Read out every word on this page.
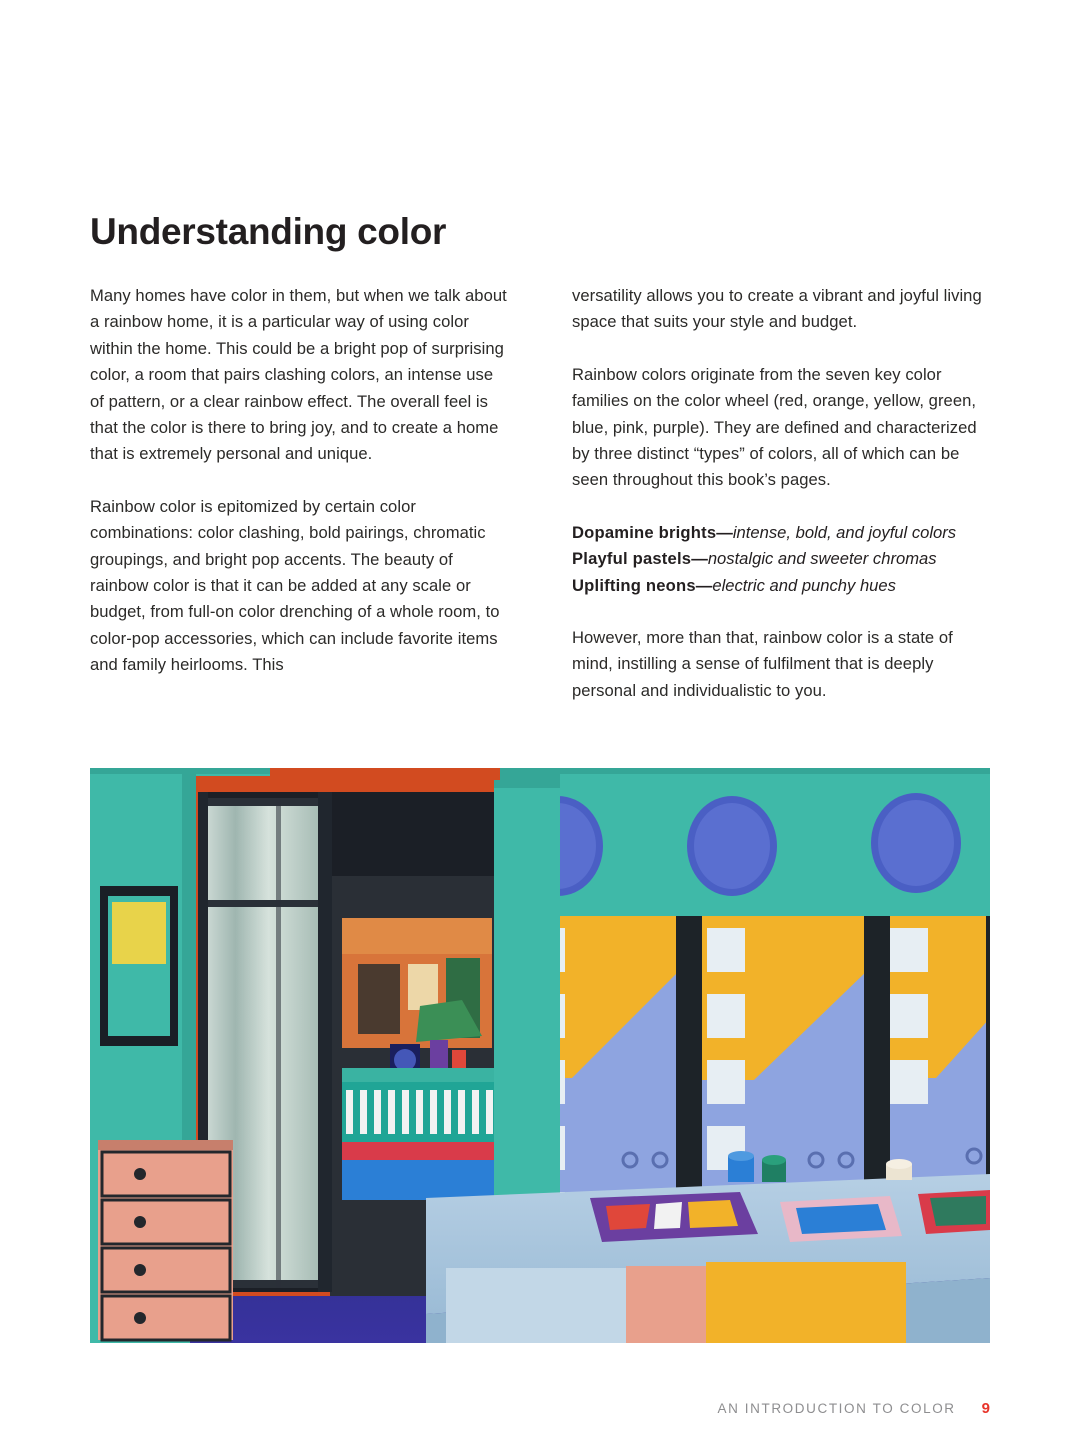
Understanding color

Many homes have color in them, but when we talk about a rainbow home, it is a particular way of using color within the home. This could be a bright pop of surprising color, a room that pairs clashing colors, an intense use of pattern, or a clear rainbow effect. The overall feel is that the color is there to bring joy, and to create a home that is extremely personal and unique.

Rainbow color is epitomized by certain color combinations: color clashing, bold pairings, chromatic groupings, and bright pop accents. The beauty of rainbow color is that it can be added at any scale or budget, from full-on color drenching of a whole room, to color-pop accessories, which can include favorite items and family heirlooms. This

versatility allows you to create a vibrant and joyful living space that suits your style and budget.

Rainbow colors originate from the seven key color families on the color wheel (red, orange, yellow, green, blue, pink, purple). They are defined and characterized by three distinct “types” of colors, all of which can be seen throughout this book’s pages.

Dopamine brights—intense, bold, and joyful colors
Playful pastels—nostalgic and sweeter chromas
Uplifting neons—electric and punchy hues

However, more than that, rainbow color is a state of mind, instilling a sense of fulfilment that is deeply personal and individualistic to you.

AN INTRODUCTION TO COLOR 9
